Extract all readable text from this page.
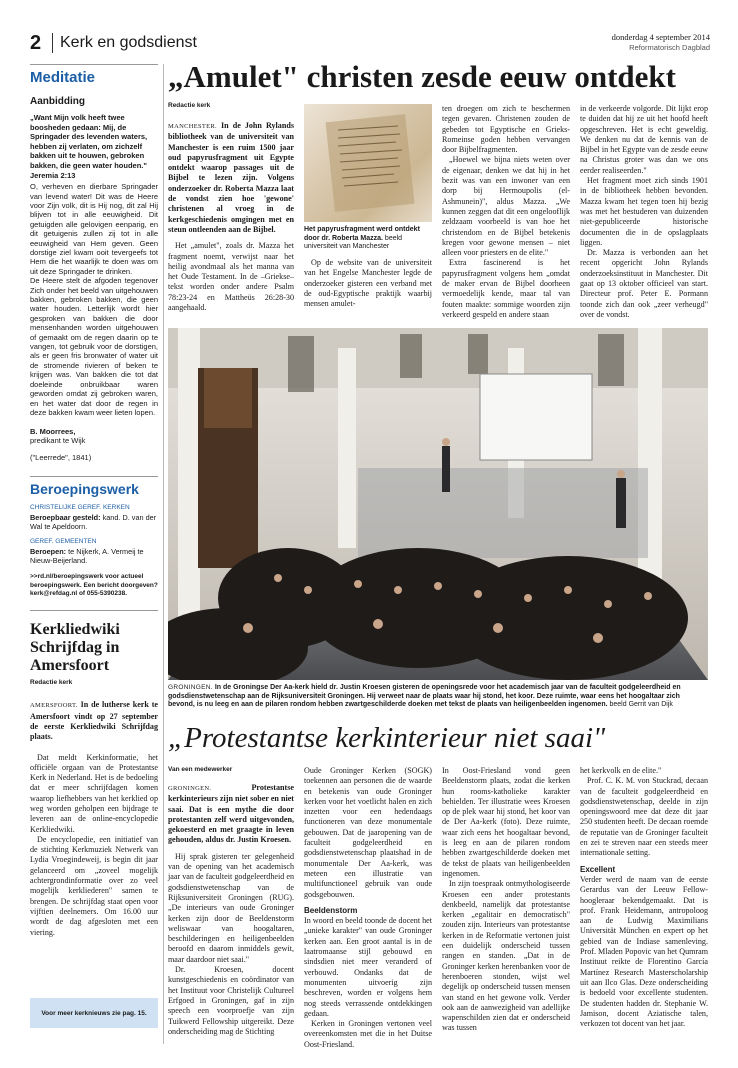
2 Kerk en godsdienst	donderdag 4 september 2014
Reformatorisch Dagblad
Meditatie
Aanbidding
„Want Mijn volk heeft twee boosheden gedaan: Mij, de Springader des levenden waters, hebben zij verlaten, om zichzelf bakken uit te houwen, gebroken bakken, die geen water houden." Jeremia 2:13

O, verheven en dierbare Springader van levend water! Dit was de Heere voor Zijn volk, dit is Hij nog, dit zal Hij blijven tot in alle eeuwigheid. Dit getuigden alle gelovigen eenparig, en dit getuigenis zullen zij tot in alle eeuwigheid van Hem geven. Geen dorstige ziel kwam ooit tevergeefs tot Hem die het waarlijk te doen was om uit deze Springader te drinken.

De Heere stelt de afgoden tegenover Zich onder het beeld van uitgehouwen bakken, gebroken bakken, die geen water houden. Letterlijk wordt hier gesproken van bakken die door mensenhanden worden uitgehouwen of gemaakt om de regen daarin op te vangen, tot gebruik voor de dorstigen, als er geen fris bronwater of water uit de stromende rivieren of beken te krijgen was. Van bakken die tot dat doeleinde onbruikbaar waren geworden omdat zij gebroken waren, en het water dat door de regen in deze bakken kwam weer lieten lopen.

B. Moorrees,
predikant te Wijk
("Leerrede", 1841)
Beroepingswerk
CHRISTELIJKE GEREF. KERKEN
Beroepbaar gesteld: kand. D. van der Wal te Apeldoorn.
GEREF. GEMEENTEN
Beroepen: te Nijkerk, A. Vermeij te Nieuw-Beijerland.
>>rd.nl/beroepingswerk voor actueel beroepingswerk. Een bericht doorgeven? kerk@refdag.nl of 055-5390238.
Kerkliedwiki Schrijfdag in Amersfoort
Redactie kerk

AMERSFOORT. In de lutherse kerk te Amersfoort vindt op 27 september de eerste Kerkliedwiki Schrijfdag plaats.

Dat meldt Kerkinformatie, het officiële orgaan van de Protestantse Kerk in Nederland. Het is de bedoeling dat er meer schrijfdagen komen waarop liefhebbers van het kerklied op weg worden geholpen een bijdrage te leveren aan de online-encyclopedie Kerkliedwiki.

De encyclopedie, een initiatief van de stichting Kerkmuziek Netwerk van Lydia Vroegindeweij, is begin dit jaar gelanceerd om „zoveel mogelijk achtergrondinformatie over zo veel mogelijk kerkliederen" samen te brengen. De schrijfdag staat open voor vijftien deelnemers. Om 16.00 uur wordt de dag afgesloten met een viering.

Voor meer kerknieuws zie pag. 15.
„Amulet" christen zesde eeuw ontdekt
Redactie kerk

MANCHESTER. In de John Rylands bibliotheek van de universiteit van Manchester is een ruim 1500 jaar oud papyrusfragment uit Egypte ontdekt waarop passages uit de Bijbel te lezen zijn. Volgens onderzoeker dr. Roberta Mazza laat de vondst zien hoe 'gewone' christenen al vroeg in de kerkgeschiedenis omgingen met en steun ontleenden aan de Bijbel.

Het „amulet", zoals dr. Mazza het fragment noemt, verwijst naar het heilig avondmaal als het manna van het Oude Testament. In de –Griekse– tekst worden onder andere Psalm 78:23-24 en Mattheüs 26:28-30 aangehaald.

Het papyrusfragment werd ontdekt door dr. Roberta Mazza. beeld universiteit van Manchester

Op de website van de universiteit van het Engelse Manchester legde de onderzoeker gisteren een verband met de oud-Egyptische praktijk waarbij mensen amulet-

ten droegen om zich te beschermen tegen gevaren. Christenen zouden de gebeden tot Egyptische en Grieks-Romeinse goden hebben vervangen door Bijbelfragmenten.

„Hoewel we bijna niets weten over de eigenaar, denken we dat hij in het bezit was van een inwoner van een dorp bij Hermoupolis (el-Ashmunein)", aldus Mazza. „We kunnen zeggen dat dit een ongelooflijk zeldzaam voorbeeld is van hoe het christendom en de Bijbel betekenis kregen voor gewone mensen – niet alleen voor priesters en de elite."

Extra fascinerend is het papyrusfragment volgens hem „omdat de maker ervan de Bijbel doorheen vermoedelijk kende, maar tal van fouten maakte: sommige woorden zijn verkeerd gespeld en andere staan

in de verkeerde volgorde. Dit lijkt erop te duiden dat hij ze uit het hoofd heeft opgeschreven. Het is echt geweldig. We denken nu dat de kennis van de Bijbel in het Egypte van de zesde eeuw na Christus groter was dan we ons eerder realiseerden."

Het fragment moet zich sinds 1901 in de bibliotheek hebben bevonden. Mazza kwam het tegen toen hij bezig was met het bestuderen van duizenden niet-gepubliceerde historische documenten die in de opslagplaats liggen.

Dr. Mazza is verbonden aan het recent opgericht John Rylands onderzoeksinstituut in Manchester. Dit gaat op 13 oktober officieel van start. Directeur prof. Peter E. Pormann toonde zich dan ook „zeer verheugd" over de vondst.

GRONINGEN. In de Groningse Der Aa-kerk hield dr. Justin Kroesen gisteren de openingsrede voor het academisch jaar van de faculteit godgeleerdheid en godsdienstwetenschap aan de Rijksuniversiteit Groningen. Hij verweet naar de plaats waar hij stond, het koor. Deze ruimte, waar eens het hoogaltaar zich bevond, is nu leeg en aan de pilaren rondom hebben zwartgeschilderde doeken met tekst de plaats van heiligenbeelden ingenomen. beeld Gerrit van Dijk
„Protestantse kerkinterieur niet saai"
Van een medewerker

GRONINGEN.	Protestantse kerkinterieurs zijn niet sober en niet saai. Dat is een mythe die door protestanten zelf werd uitgevonden, gekoesterd en met graagte in leven gehouden, aldus dr. Justin Kroesen.

Hij sprak gisteren ter gelegenheid van de opening van het academisch jaar van de faculteit godgeleerdheid en godsdienstwetenschap van de Rijksuniversiteit Groningen (RUG). „De interieurs van oude Groninger kerken zijn door de Beeldenstorm weliswaar van hoogaltaren, beschilderingen en heiligenbeelden beroofd en daarom inmiddels gewit, maar daardoor niet saai."

Dr. Kroesen, docent kunstgeschiedenis en coördinator van het Instituut voor Christelijk Cultureel Erfgoed in Groningen, gaf in zijn speech een voorproefje van zijn Tuikwerd Fellowship uitgereikt. Deze onderscheiding mag de Stichting

Oude Groninger Kerken (SOGK) toekennen aan personen die de waarde en betekenis van oude Groninger kerken voor het voetlicht halen en zich inzetten voor een hedendaags functioneren van deze monumentale gebouwen. Dat de jaaropening van de faculteit godgeleerdheid en godsdienstwetenschap plaatshad in de monumentale Der Aa-kerk, was meteen een illustratie van multifunctioneel gebruik van oude godsgebouwen.

Beeldenstorm

In woord en beeld toonde de docent het „unieke karakter" van oude Groninger kerken aan. Een groot aantal is in de laatromaanse stijl gebouwd en sindsdien niet meer veranderd of verbouwd. Ondanks dat de monumenten uitvoerig zijn beschreven, worden er volgens hem nog steeds verrassende ontdekkingen gedaan.

Kerken in Groningen vertonen veel overeenkomsten met die in het Duitse Oost-Friesland.

In Oost-Friesland vond geen Beeldenstorm plaats, zodat die kerken hun rooms-katholieke karakter behielden. Ter illustratie wees Kroesen op de plek waar hij stond, het koor van de Der Aa-kerk (foto). Deze ruimte, waar zich eens het hoogaltaar bevond, is leeg en aan de pilaren rondom hebben zwartgeschilderde doeken met de tekst de plaats van heiligenbeelden ingenomen.

In zijn toespraak ontmythologiseerde Kroesen een ander protestants denkbeeld, namelijk dat protestantse kerken „egalitair en democratisch" zouden zijn. Interieurs van protestantse kerken in de Reformatie vertonen juist een duidelijk onderscheid tussen rangen en standen. „Dat in de Groninger kerken herenbanken voor de herenboeren stonden, wijst wel degelijk op onderscheid tussen mensen van stand en het gewone volk. Verder ook aan de aanwezigheid van adellijke wapenschilden zien dat er onderscheid was tussen

het kerkvolk en de elite."

Prof. C. K. M. von Stuckrad, decaan van de faculteit godgeleerdheid en godsdienstwetenschap, deelde in zijn openingswoord mee dat deze dit jaar 250 studenten heeft. De decaan roemde de reputatie van de Groninger faculteit en zei te streven naar een steeds meer internationale setting.

Excellent

Verder werd de naam van de eerste Gerardus van der Leeuw Fellow-hoogleraar bekendgemaakt. Dat is prof. Frank Heidemann, antropoloog aan de Ludwig Maximilians Universität München en expert op het gebied van de Indiase samenleving. Prof. Mladen Popovic van het Qumram Instituut reikte de Florentino García Martínez Research Masterscholarship uit aan Ilco Glas. Deze onderscheiding is bedoeld voor excellente studenten. De studenten hadden dr. Stephanie W. Jamison, docent Aziatische talen, verkozen tot docent van het jaar.
